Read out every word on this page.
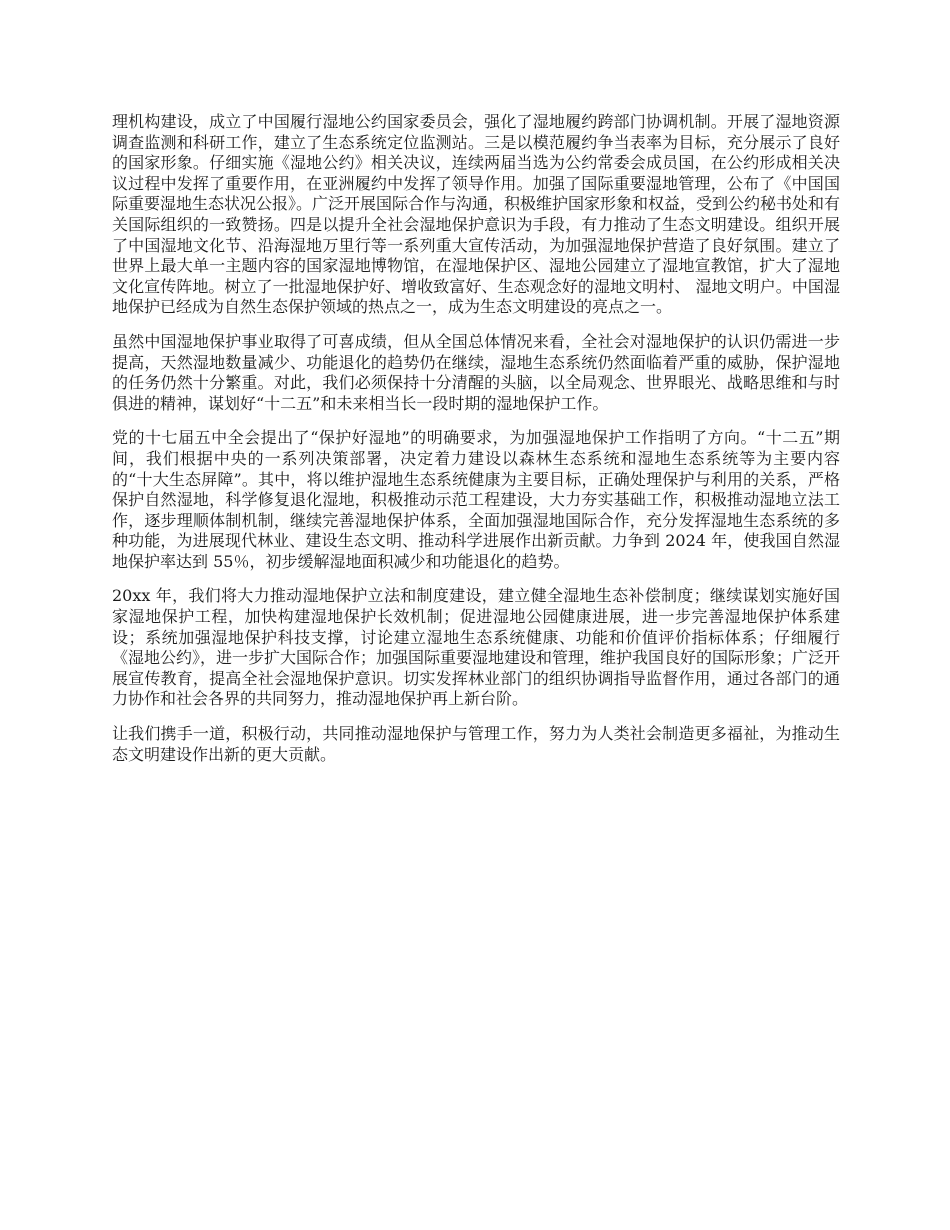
理机构建设，成立了中国履行湿地公约国家委员会，强化了湿地履约跨部门协调机制。开展了湿地资源调查监测和科研工作，建立了生态系统定位监测站。三是以模范履约争当表率为目标，充分展示了良好的国家形象。仔细实施《湿地公约》相关决议，连续两届当选为公约常委会成员国，在公约形成相关决议过程中发挥了重要作用，在亚洲履约中发挥了领导作用。加强了国际重要湿地管理，公布了《中国国际重要湿地生态状况公报》。广泛开展国际合作与沟通，积极维护国家形象和权益，受到公约秘书处和有关国际组织的一致赞扬。四是以提升全社会湿地保护意识为手段，有力推动了生态文明建设。组织开展了中国湿地文化节、沿海湿地万里行等一系列重大宣传活动，为加强湿地保护营造了良好氛围。建立了世界上最大单一主题内容的国家湿地博物馆，在湿地保护区、湿地公园建立了湿地宣教馆，扩大了湿地文化宣传阵地。树立了一批湿地保护好、增收致富好、生态观念好的湿地文明村、 湿地文明户。中国湿地保护已经成为自然生态保护领域的热点之一，成为生态文明建设的亮点之一。

虽然中国湿地保护事业取得了可喜成绩，但从全国总体情况来看，全社会对湿地保护的认识仍需进一步提高，天然湿地数量减少、功能退化的趋势仍在继续，湿地生态系统仍然面临着严重的威胁，保护湿地的任务仍然十分繁重。对此，我们必须保持十分清醒的头脑，以全局观念、世界眼光、战略思维和与时俱进的精神，谋划好“十二五”和未来相当长一段时期的湿地保护工作。

党的十七届五中全会提出了“保护好湿地”的明确要求，为加强湿地保护工作指明了方向。“十二五”期间，我们根据中央的一系列决策部署，决定着力建设以森林生态系统和湿地生态系统等为主要内容的“十大生态屏障”。其中，将以维护湿地生态系统健康为主要目标，正确处理保护与利用的关系，严格保护自然湿地，科学修复退化湿地，积极推动示范工程建设，大力夯实基础工作，积极推动湿地立法工作，逐步理顺体制机制，继续完善湿地保护体系，全面加强湿地国际合作，充分发挥湿地生态系统的多种功能，为进展现代林业、建设生态文明、推动科学进展作出新贡献。力争到 2024 年，使我国自然湿地保护率达到 55％，初步缓解湿地面积减少和功能退化的趋势。

20xx 年，我们将大力推动湿地保护立法和制度建设，建立健全湿地生态补偿制度；继续谋划实施好国家湿地保护工程，加快构建湿地保护长效机制；促进湿地公园健康进展，进一步完善湿地保护体系建设；系统加强湿地保护科技支撑，讨论建立湿地生态系统健康、功能和价值评价指标体系；仔细履行《湿地公约》，进一步扩大国际合作；加强国际重要湿地建设和管理，维护我国良好的国际形象；广泛开展宣传教育，提高全社会湿地保护意识。切实发挥林业部门的组织协调指导监督作用，通过各部门的通力协作和社会各界的共同努力，推动湿地保护再上新台阶。

让我们携手一道，积极行动，共同推动湿地保护与管理工作，努力为人类社会制造更多福祉，为推动生态文明建设作出新的更大贡献。
